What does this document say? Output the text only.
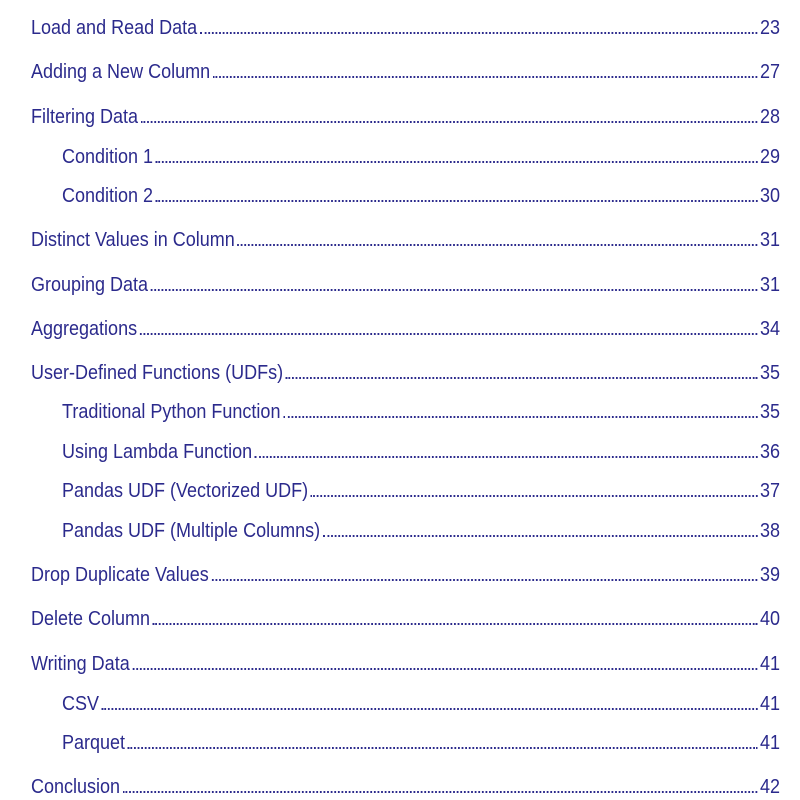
Load and Read Data	23
Adding a New Column	27
Filtering Data	28
Condition 1	29
Condition 2	30
Distinct Values in Column	31
Grouping Data	31
Aggregations	34
User-Defined Functions (UDFs)	35
Traditional Python Function	35
Using Lambda Function	36
Pandas UDF (Vectorized UDF)	37
Pandas UDF (Multiple Columns)	38
Drop Duplicate Values	39
Delete Column	40
Writing Data	41
CSV	41
Parquet	41
Conclusion	42
